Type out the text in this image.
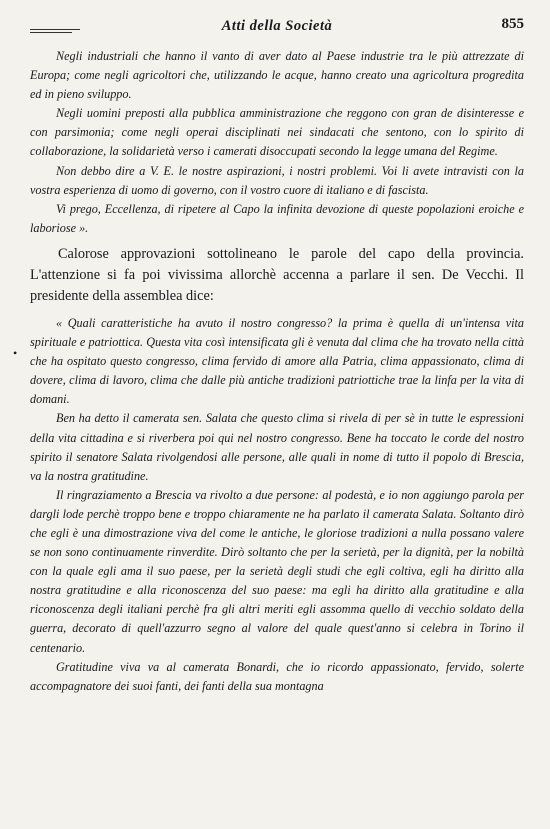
Atti della Società	855
•

Negli industriali che hanno il vanto di aver dato al Paese industrie tra le più attrezzate di Europa; come negli agricoltori che, utilizzando le acque, hanno creato una agricoltura progredita ed in pieno sviluppo.

Negli uomini preposti alla pubblica amministrazione che reggono con gran de disinteresse e con parsimonia; come negli operai disciplinati nei sindacati che sentono, con lo spirito di collaborazione, la solidarietà verso i camerati disoccupati secondo la legge umana del Regime.

Non debbo dire a V. E. le nostre aspirazioni, i nostri problemi. Voi li avete intravisti con la vostra esperienza di uomo di governo, con il vostro cuore di italiano e di fascista.

Vi prego, Eccellenza, di ripetere al Capo la infinita devozione di queste popolazioni eroiche e laboriose ».

Calorose approvazioni sottolineano le parole del capo della provincia. L'attenzione si fa poi vivissima allorchè accenna a parlare il sen. De Vecchi. Il presidente della assemblea dice:

« Quali caratteristiche ha avuto il nostro congresso? la prima è quella di un'intensa vita spirituale e patriottica. Questa vita così intensificata gli è venuta dal clima che ha trovato nella città che ha ospitato questo congresso, clima fervido di amore alla Patria, clima appassionato, clima di dovere, clima di lavoro, clima che dalle più antiche tradizioni patriottiche trae la linfa per la vita di domani.

Ben ha detto il camerata sen. Salata che questo clima si rivela di per sè in tutte le espressioni della vita cittadina e si riverbera poi qui nel nostro congresso. Bene ha toccato le corde del nostro spirito il senatore Salata rivolgendosi alle persone, alle quali in nome di tutto il popolo di Brescia, va la nostra gratitudine.

Il ringraziamento a Brescia va rivolto a due persone: al podestà, e io non aggiungo parola per dargli lode perchè troppo bene e troppo chiaramente ne ha parlato il camerata Salata. Soltanto dirò che egli è una dimostrazione viva del come le antiche, le gloriose tradizioni a nulla possano valere se non sono continuamente rinverdite. Dirò soltanto che per la serietà, per la dignità, per la nobiltà con la quale egli ama il suo paese, per la serietà degli studi che egli coltiva, egli ha diritto alla nostra gratitudine e alla riconoscenza del suo paese: ma egli ha diritto alla gratitudine e alla riconoscenza degli italiani perchè fra gli altri meriti egli assomma quello di vecchio soldato della guerra, decorato di quell'azzurro segno al valore del quale quest'anno si celebra in Torino il centenario.

Gratitudine viva va al camerata Bonardi, che io ricordo appassionato, fervido, solerte accompagnatore dei suoi fanti, dei fanti della sua montagna
